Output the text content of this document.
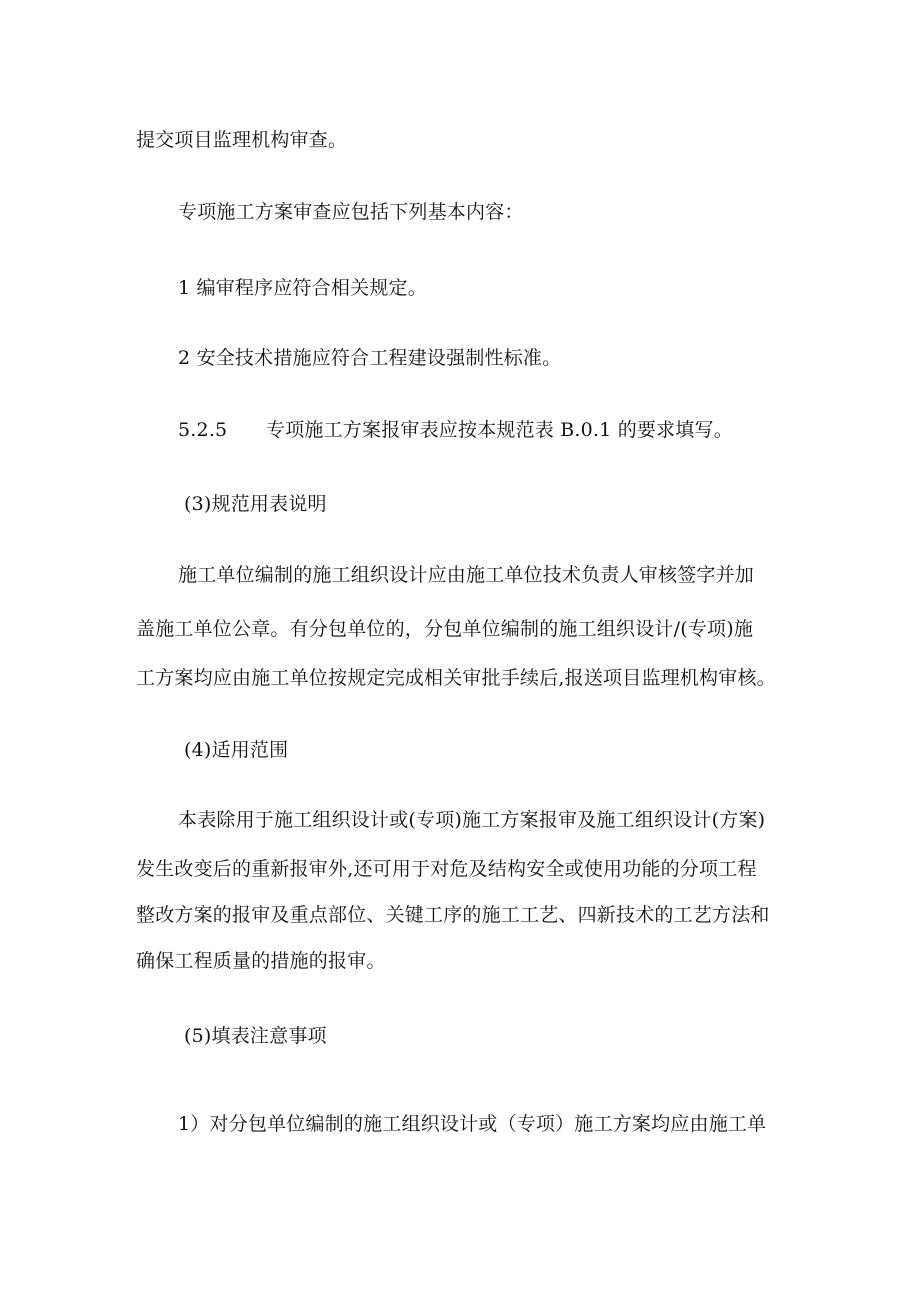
提交项目监理机构审查。
专项施工方案审查应包括下列基本内容：
1 编审程序应符合相关规定。
2 安全技术措施应符合工程建设强制性标准。
5.2.5 专项施工方案报审表应按本规范表 B.0.1 的要求填写。
(3)规范用表说明
施工单位编制的施工组织设计应由施工单位技术负责人审核签字并加
盖施工单位公章。有分包单位的，分包单位编制的施工组织设计/(专项)施
工方案均应由施工单位按规定完成相关审批手续后,报送项目监理机构审核。
(4)适用范围
本表除用于施工组织设计或(专项)施工方案报审及施工组织设计(方案)
发生改变后的重新报审外,还可用于对危及结构安全或使用功能的分项工程
整改方案的报审及重点部位、关键工序的施工工艺、四新技术的工艺方法和
确保工程质量的措施的报审。
(5)填表注意事项
1）对分包单位编制的施工组织设计或（专项）施工方案均应由施工单
